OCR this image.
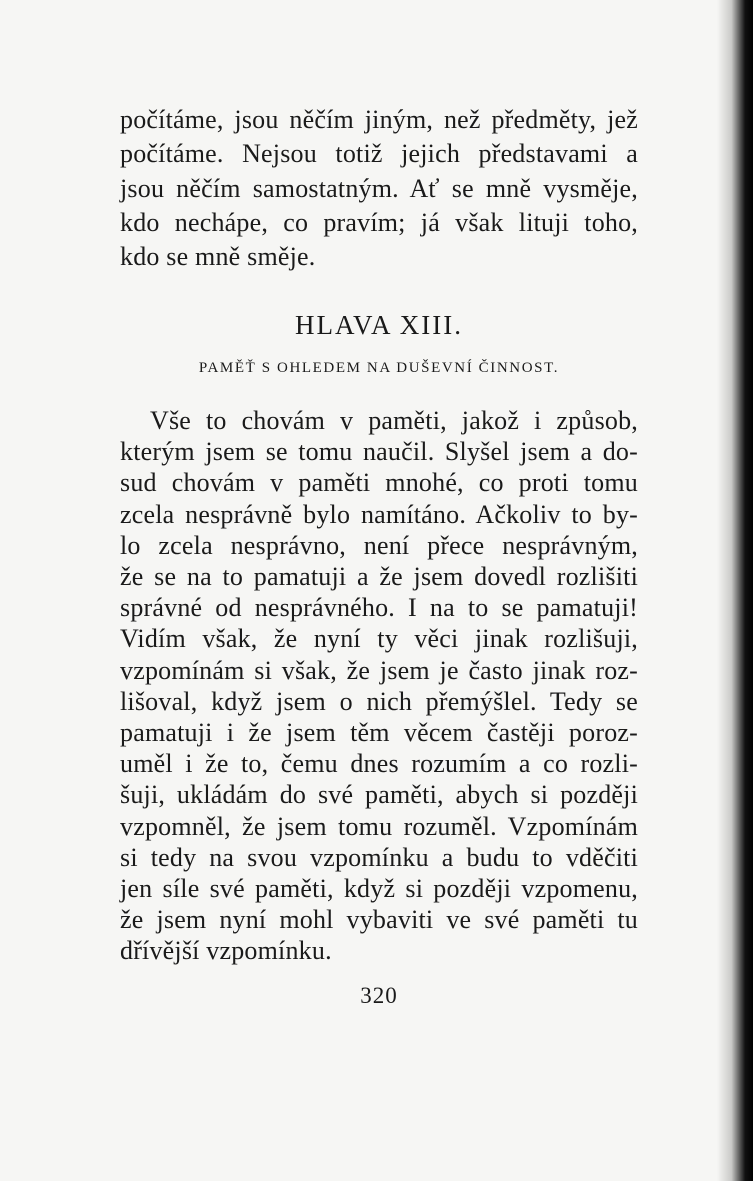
počítáme, jsou něčím jiným, než předměty, jež
počítáme. Nejsou totiž jejich představami a
jsou něčím samostatným. Ať se mně vysměje,
kdo nechápe, co pravím; já však lituji toho,
kdo se mně směje.
HLAVA XIII.
PAMĚŤ S OHLEDEM NA DUŠEVNÍ ČINNOST.
Vše to chovám v paměti, jakož i způsob,
kterým jsem se tomu naučil. Slyšel jsem a do-
sud chovám v paměti mnohé, co proti tomu
zcela nesprávně bylo namítáno. Ačkoliv to by-
lo zcela nesprávno, není přece nesprávným,
že se na to pamatuji a že jsem dovedl rozlišiti
správné od nesprávného. I na to se pamatuji!
Vidím však, že nyní ty věci jinak rozlišuji,
vzpomínám si však, že jsem je často jinak roz-
lišoval, když jsem o nich přemýšlel. Tedy se
pamatuji i že jsem těm věcem častěji poroz-
uměl i že to, čemu dnes rozumím a co rozli-
šuji, ukládám do své paměti, abych si později
vzpomněl, že jsem tomu rozuměl. Vzpomínám
si tedy na svou vzpomínku a budu to vděčiti
jen síle své paměti, když si později vzpomenu,
že jsem nyní mohl vybaviti ve své paměti tu
dřívější vzpomínku.
320
